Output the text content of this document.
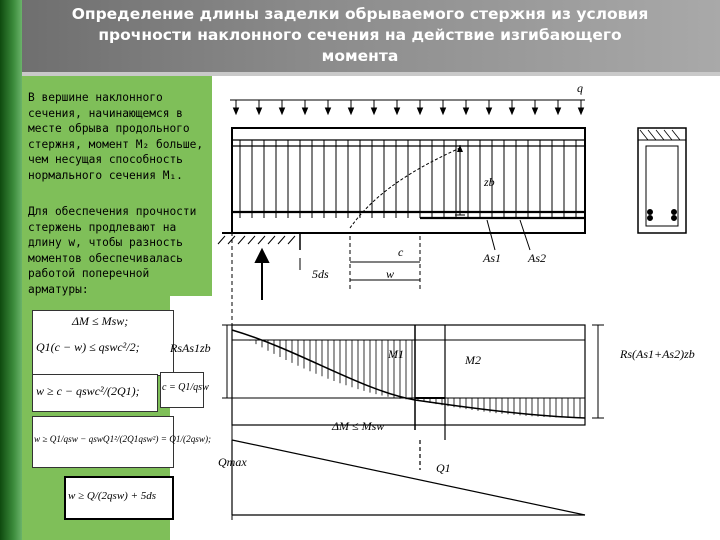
Определение длины заделки обрываемого стержня из условия прочности наклонного сечения на действие изгибающего момента

В вершине наклонного сечения, начинающемся в месте обрыва продольного стержня, момент M₂ больше, чем несущая способность нормального сечения M₁.

Для обеспечения прочности стержень продлевают на длину w, чтобы разность моментов обеспечивалась работой поперечной арматуры:

ΔM ≤ Msw;
Q1(c − w) ≤ qswc²/2;
w ≥ c − qswc²/(2Q1); c = Q1/qsw
w ≥ Q1/qsw − qswQ1²/(2Q1qsw²) = Q1/(2qsw);
w ≥ Q/(2qsw) + 5ds
q
zb
c
w
5ds
As1 As2
M1	M2
RsAs1zb	Rs(As1+As2)zb
ΔM ≤ Msw
Qmax	Q1
